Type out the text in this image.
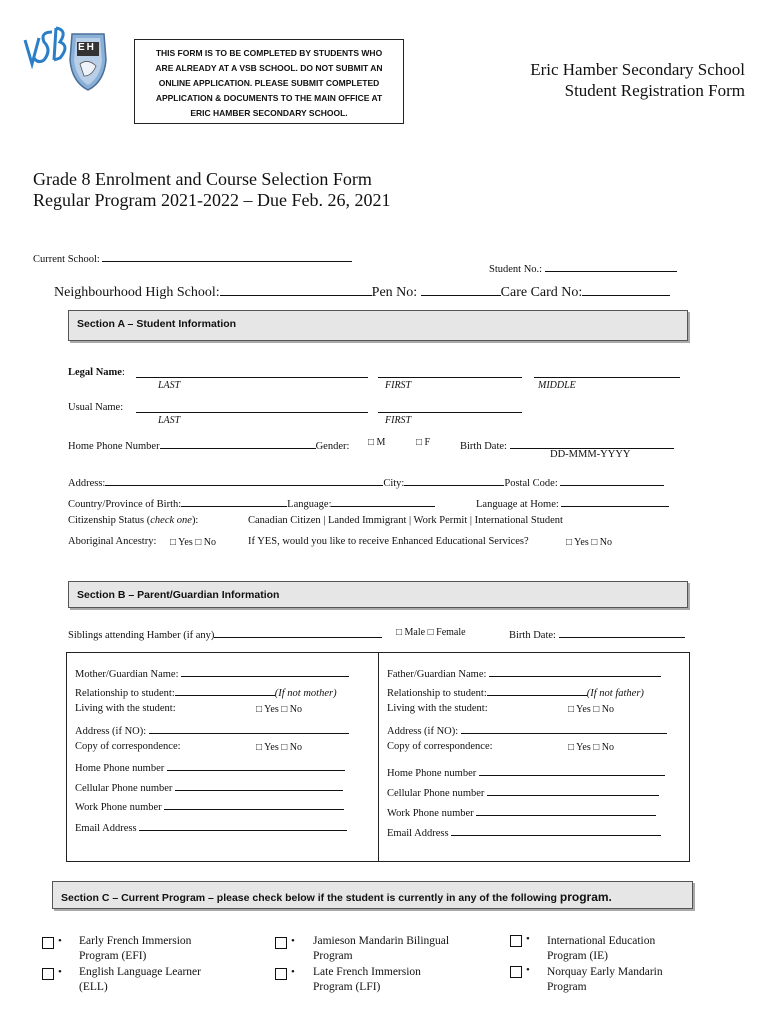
EH	THIS FORM IS TO BE COMPLETED BY STUDENTS WHO
ARE ALREADY AT A VSB SCHOOL. DO NOT SUBMIT AN
ONLINE APPLICATION. PLEASE SUBMIT COMPLETED
APPLICATION & DOCUMENTS TO THE MAIN OFFICE AT
ERIC HAMBER SECONDARY SCHOOL.
Eric Hamber Secondary School
Student Registration Form
Grade 8 Enrolment and Course Selection Form
Regular Program 2021-2022 – Due Feb. 26, 2021
Current School:
Student No.:
Neighbourhood High School:	Pen No:	Care Card No:
Section A – Student Information
Legal Name:
LAST	FIRST	MIDDLE
Usual Name:
LAST	FIRST
Home Phone Number	Gender: □ M	□ F	Birth Date:
DD-MMM-YYYY
Address:	City:	Postal Code:
Country/Province of Birth:	Language:	Language at Home:
Citizenship Status (check one):	Canadian Citizen | Landed Immigrant | Work Permit | International Student
Aboriginal Ancestry: □ Yes □ No	If YES, would you like to receive Enhanced Educational Services?	□ Yes □ No
Section B – Parent/Guardian Information
Siblings attending Hamber (if any)	□ Male □ Female	Birth Date:
Mother/Guardian Name:
Relationship to student:	(If not mother)
Living with the student:	□ Yes □ No
Address (if NO):
Copy of correspondence:	□ Yes □ No
Home Phone number
Cellular Phone number
Work Phone number
Email Address
Father/Guardian Name:
Relationship to student:	(If not father)
Living with the student:	□ Yes □ No
Address (if NO):
Copy of correspondence:	□ Yes □ No
Home Phone number
Cellular Phone number
Work Phone number
Email Address
Section C – Current Program – please check below if the student is currently in any of the following program.
• Early French Immersion
Program (EFI)
• English Language Learner
(ELL)
• Jamieson Mandarin Bilingual
Program
• Late French Immersion
Program (LFI)
• International Education
Program (IE)
• Norquay Early Mandarin
Program
